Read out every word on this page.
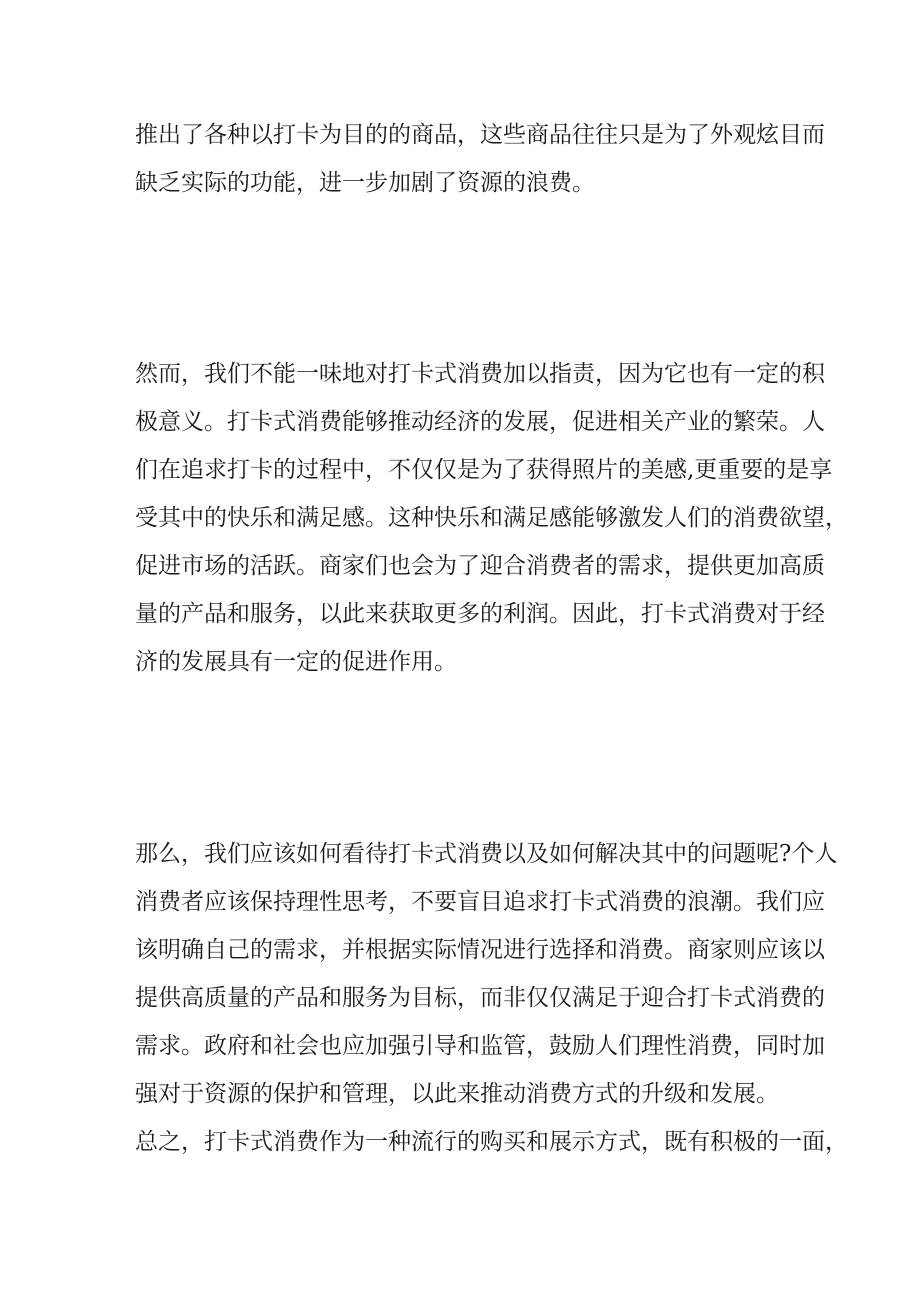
推出了各种以打卡为目的的商品，这些商品往往只是为了外观炫目而
缺乏实际的功能，进一步加剧了资源的浪费。
然而，我们不能一味地对打卡式消费加以指责，因为它也有一定的积
极意义。打卡式消费能够推动经济的发展，促进相关产业的繁荣。人
们在追求打卡的过程中，不仅仅是为了获得照片的美感,更重要的是享
受其中的快乐和满足感。这种快乐和满足感能够激发人们的消费欲望，
促进市场的活跃。商家们也会为了迎合消费者的需求，提供更加高质
量的产品和服务，以此来获取更多的利润。因此，打卡式消费对于经
济的发展具有一定的促进作用。
那么，我们应该如何看待打卡式消费以及如何解决其中的问题呢?个人
消费者应该保持理性思考，不要盲目追求打卡式消费的浪潮。我们应
该明确自己的需求，并根据实际情况进行选择和消费。商家则应该以
提供高质量的产品和服务为目标，而非仅仅满足于迎合打卡式消费的
需求。政府和社会也应加强引导和监管，鼓励人们理性消费，同时加
强对于资源的保护和管理，以此来推动消费方式的升级和发展。
总之，打卡式消费作为一种流行的购买和展示方式，既有积极的一面，
